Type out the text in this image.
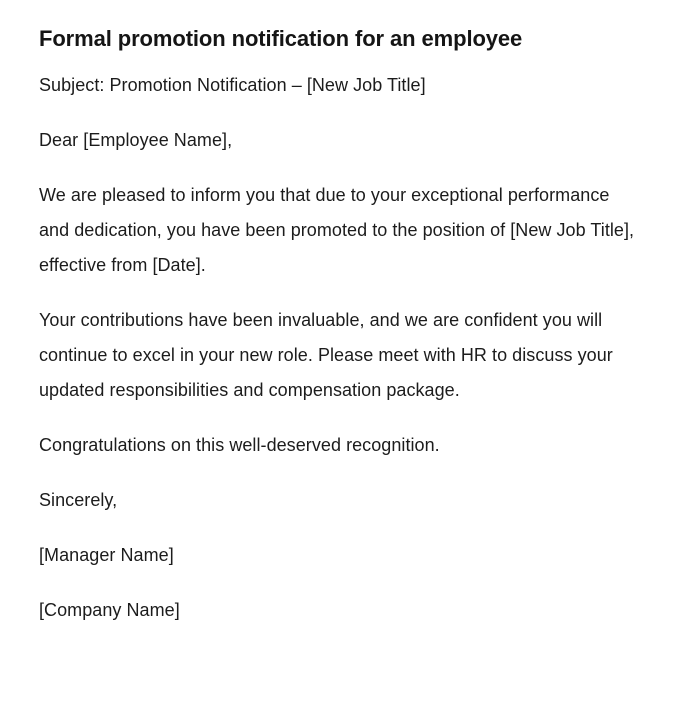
Formal promotion notification for an employee

Subject: Promotion Notification – [New Job Title]

Dear [Employee Name],

We are pleased to inform you that due to your exceptional performance and dedication, you have been promoted to the position of [New Job Title], effective from [Date].

Your contributions have been invaluable, and we are confident you will continue to excel in your new role. Please meet with HR to discuss your updated responsibilities and compensation package.

Congratulations on this well-deserved recognition.

Sincerely,

[Manager Name]

[Company Name]
